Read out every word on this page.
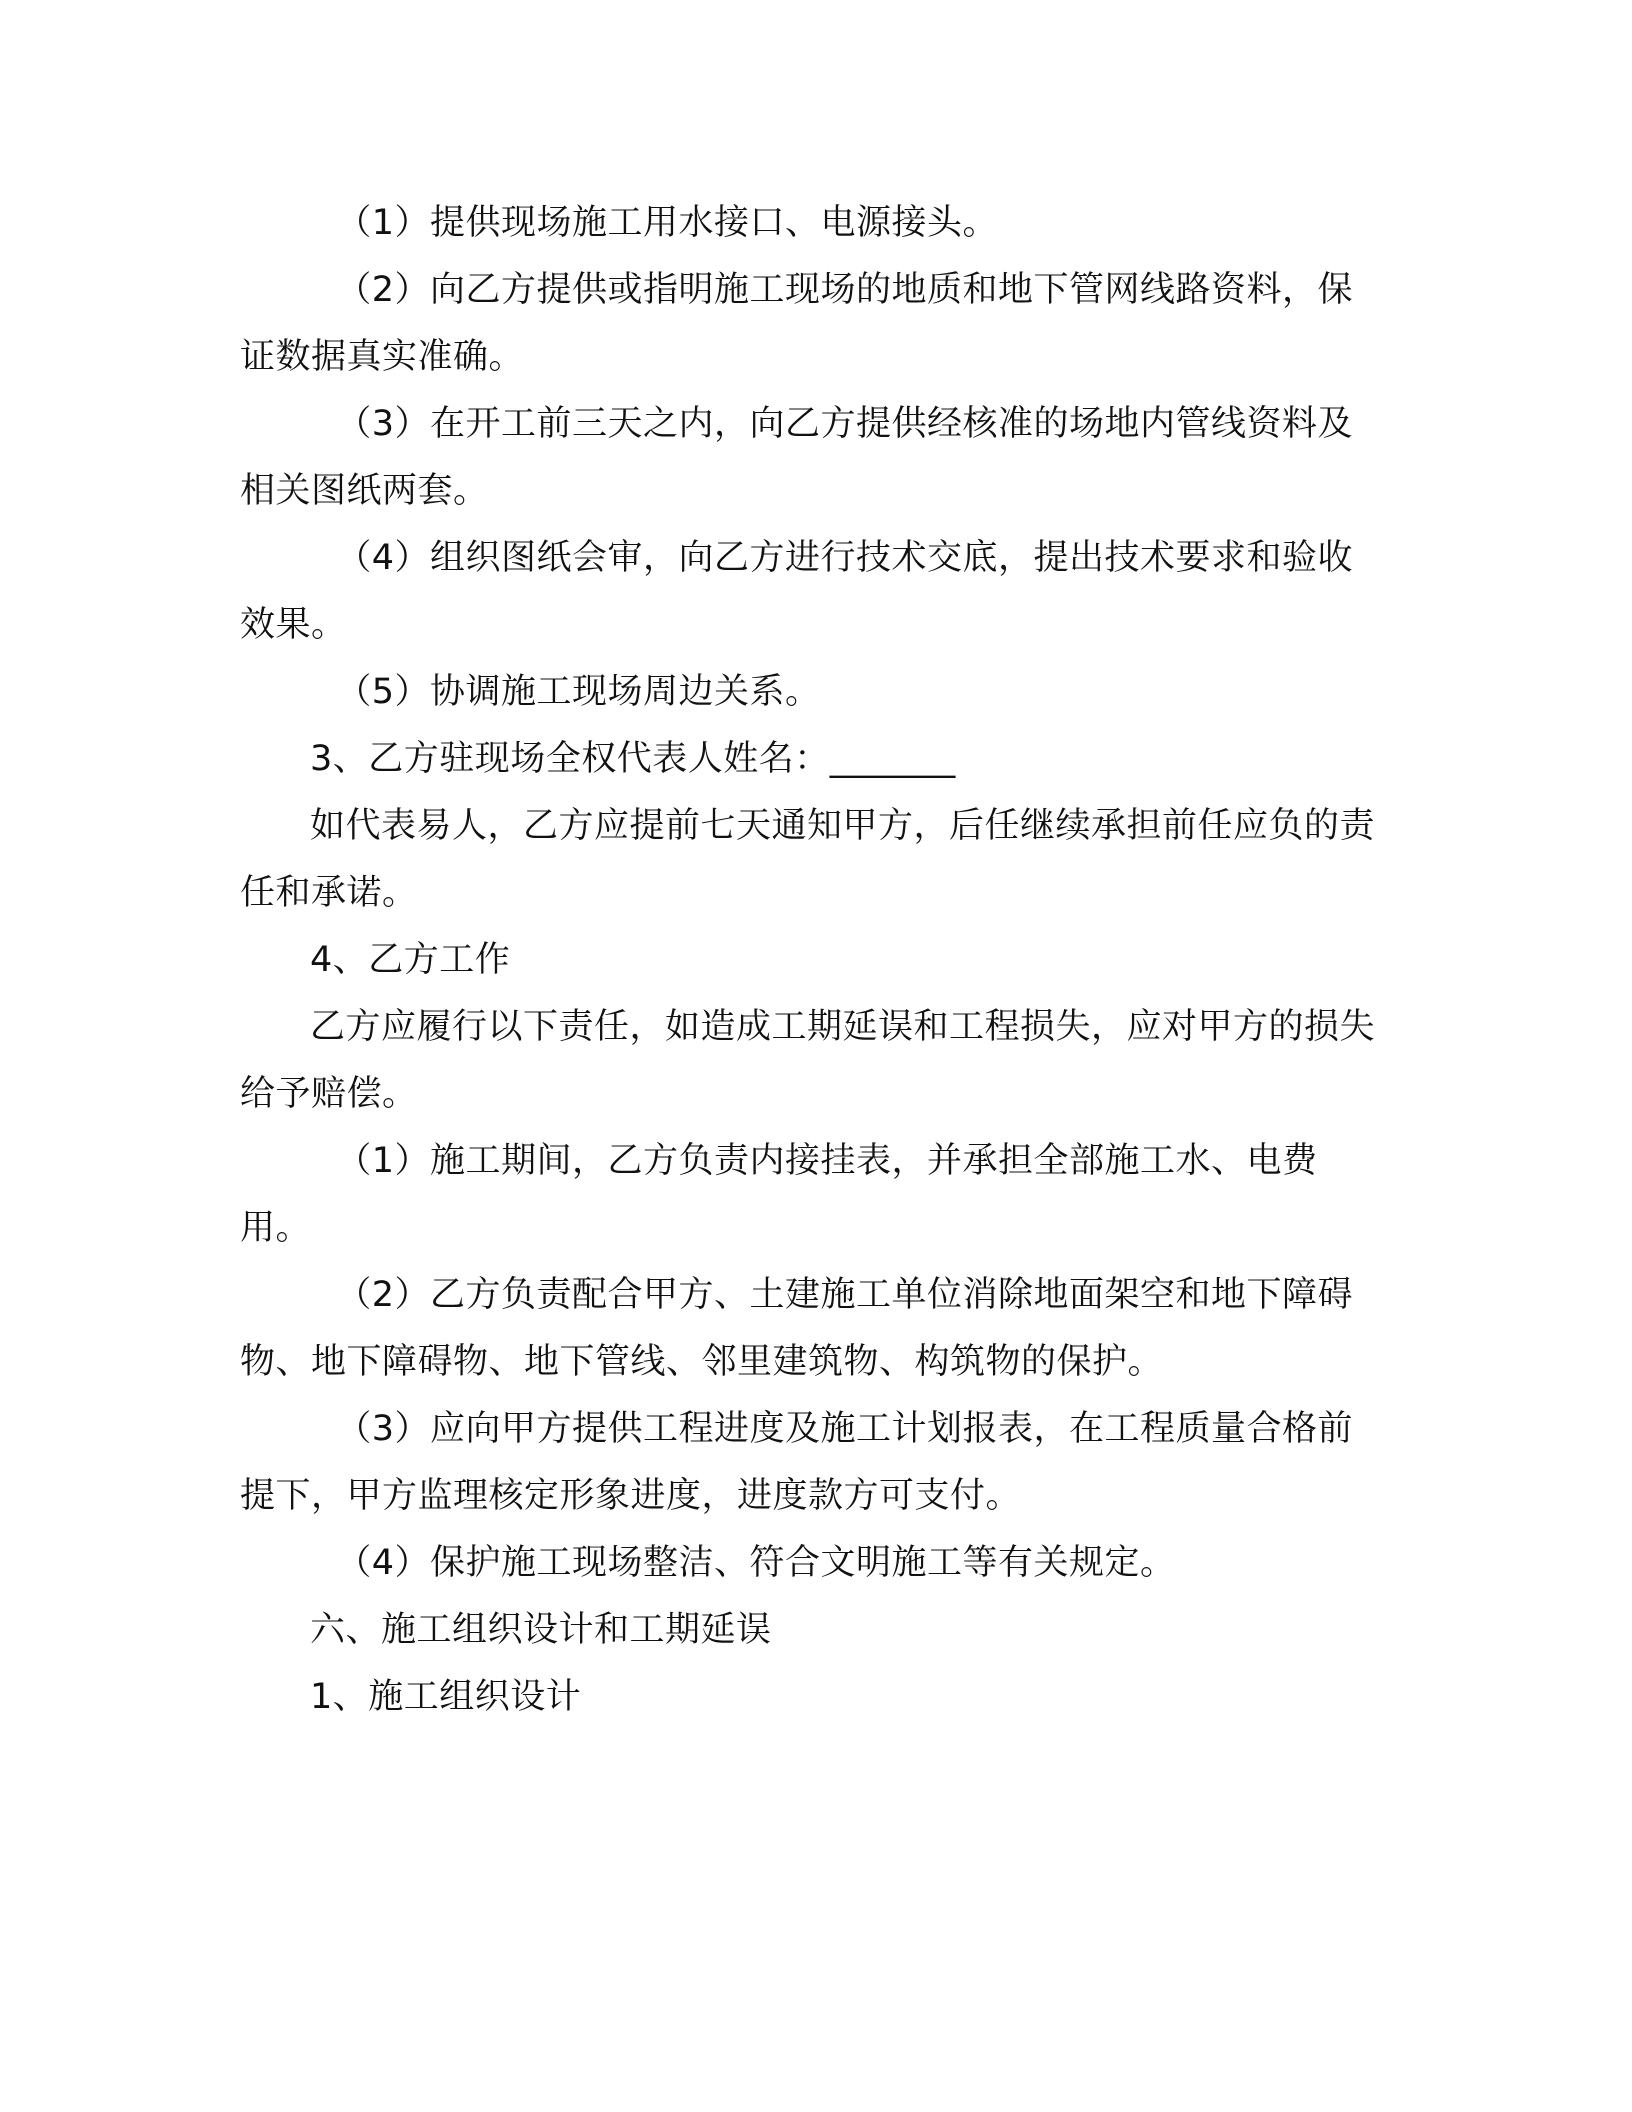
（1）提供现场施工用水接口、电源接头。

（2）向乙方提供或指明施工现场的地质和地下管网线路资料，保证数据真实准确。

（3）在开工前三天之内，向乙方提供经核准的场地内管线资料及相关图纸两套。

（4）组织图纸会审，向乙方进行技术交底，提出技术要求和验收效果。

（5）协调施工现场周边关系。

3、乙方驻现场全权代表人姓名：_______

如代表易人，乙方应提前七天通知甲方，后任继续承担前任应负的责任和承诺。

4、乙方工作

乙方应履行以下责任，如造成工期延误和工程损失，应对甲方的损失给予赔偿。

（1）施工期间，乙方负责内接挂表，并承担全部施工水、电费用。

（2）乙方负责配合甲方、土建施工单位消除地面架空和地下障碍物、地下障碍物、地下管线、邻里建筑物、构筑物的保护。

（3）应向甲方提供工程进度及施工计划报表，在工程质量合格前提下，甲方监理核定形象进度，进度款方可支付。

（4）保护施工现场整洁、符合文明施工等有关规定。

六、施工组织设计和工期延误

1、施工组织设计
